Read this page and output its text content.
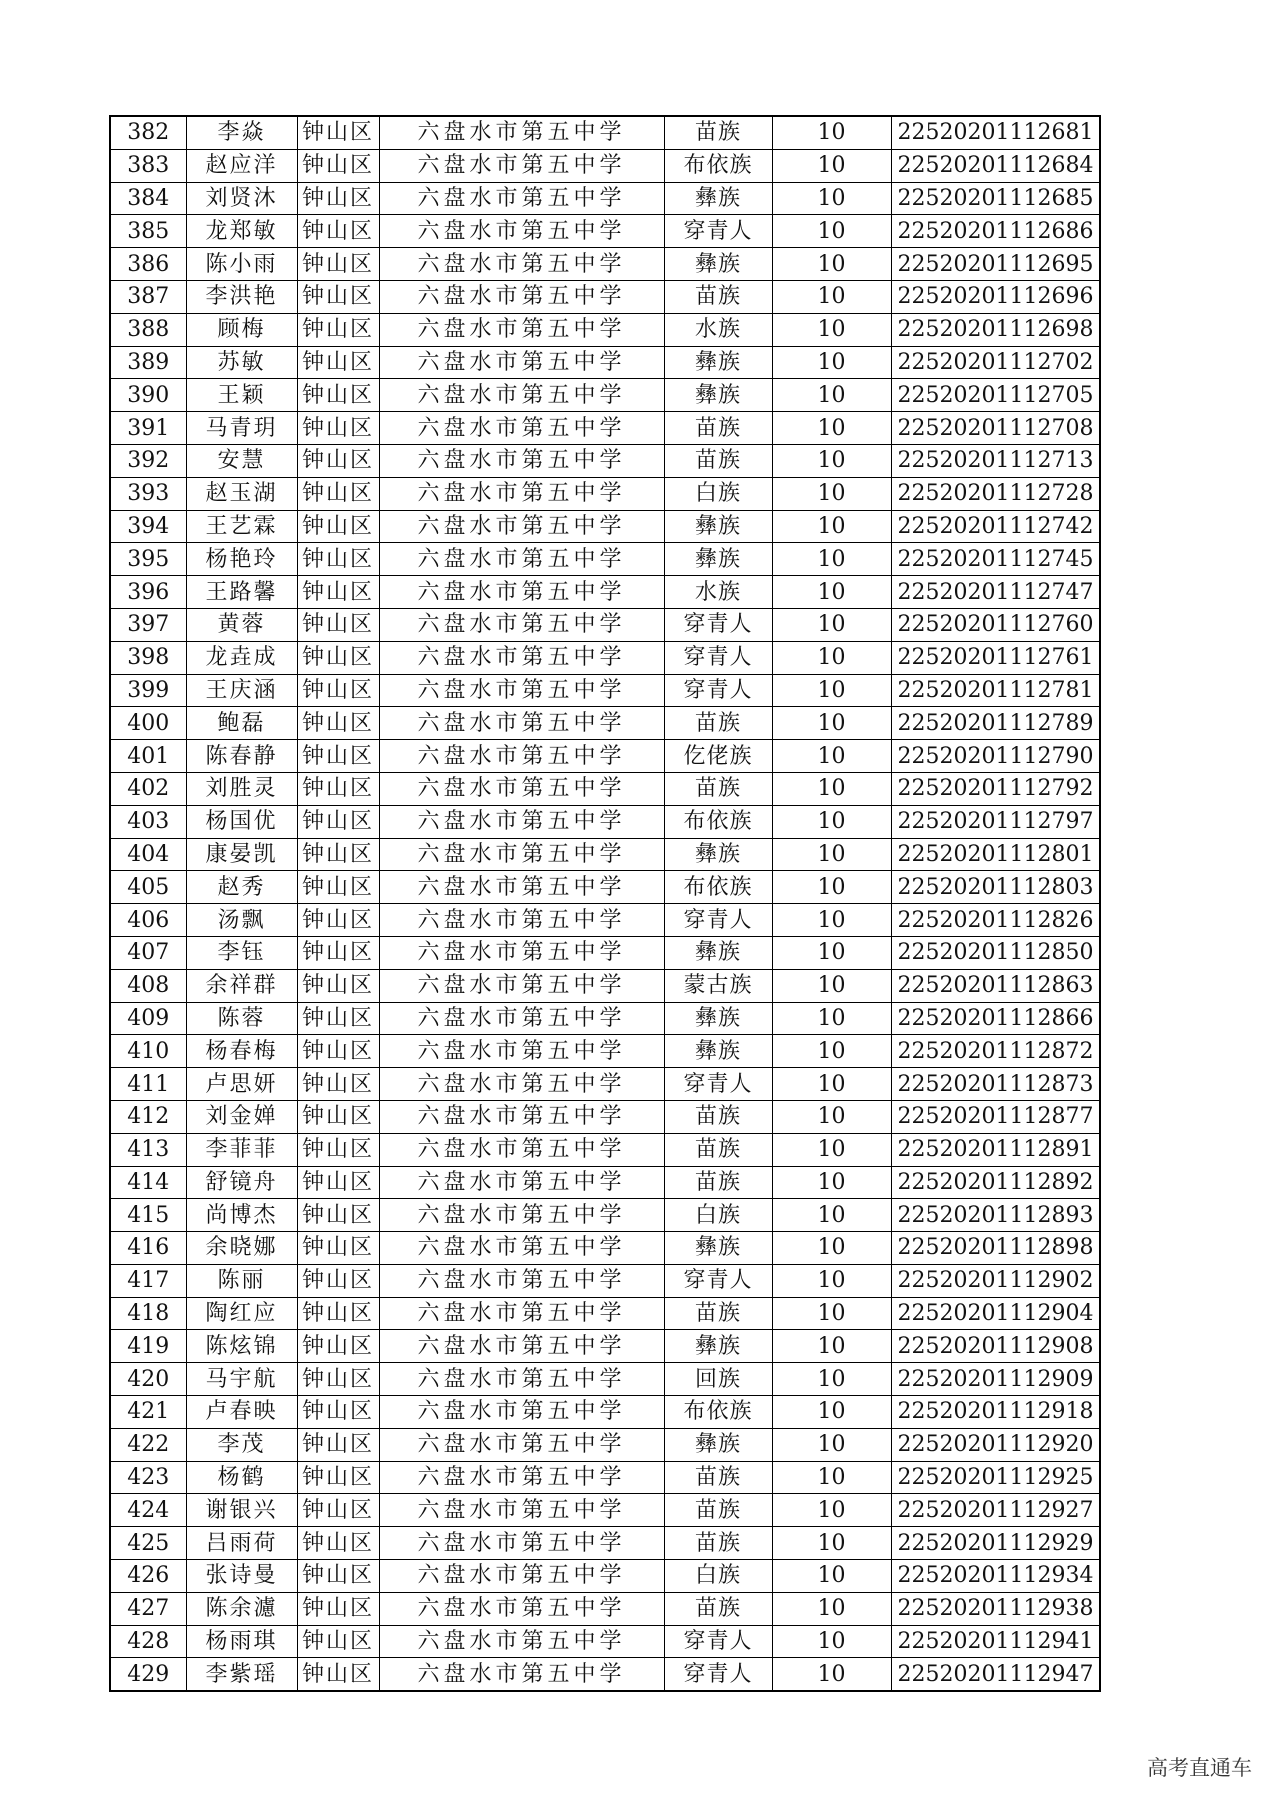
382	李焱	钟山区	六盘水市第五中学	苗族	10	22520201112681
383	赵应洋	钟山区	六盘水市第五中学	布依族	10	22520201112684
384	刘贤沐	钟山区	六盘水市第五中学	彝族	10	22520201112685
385	龙郑敏	钟山区	六盘水市第五中学	穿青人	10	22520201112686
386	陈小雨	钟山区	六盘水市第五中学	彝族	10	22520201112695
387	李洪艳	钟山区	六盘水市第五中学	苗族	10	22520201112696
388	顾梅	钟山区	六盘水市第五中学	水族	10	22520201112698
389	苏敏	钟山区	六盘水市第五中学	彝族	10	22520201112702
390	王颖	钟山区	六盘水市第五中学	彝族	10	22520201112705
391	马青玥	钟山区	六盘水市第五中学	苗族	10	22520201112708
392	安慧	钟山区	六盘水市第五中学	苗族	10	22520201112713
393	赵玉湖	钟山区	六盘水市第五中学	白族	10	22520201112728
394	王艺霖	钟山区	六盘水市第五中学	彝族	10	22520201112742
395	杨艳玲	钟山区	六盘水市第五中学	彝族	10	22520201112745
396	王路馨	钟山区	六盘水市第五中学	水族	10	22520201112747
397	黄蓉	钟山区	六盘水市第五中学	穿青人	10	22520201112760
398	龙垚成	钟山区	六盘水市第五中学	穿青人	10	22520201112761
399	王庆涵	钟山区	六盘水市第五中学	穿青人	10	22520201112781
400	鲍磊	钟山区	六盘水市第五中学	苗族	10	22520201112789
401	陈春静	钟山区	六盘水市第五中学	仡佬族	10	22520201112790
402	刘胜灵	钟山区	六盘水市第五中学	苗族	10	22520201112792
403	杨国优	钟山区	六盘水市第五中学	布依族	10	22520201112797
404	康晏凯	钟山区	六盘水市第五中学	彝族	10	22520201112801
405	赵秀	钟山区	六盘水市第五中学	布依族	10	22520201112803
406	汤飘	钟山区	六盘水市第五中学	穿青人	10	22520201112826
407	李钰	钟山区	六盘水市第五中学	彝族	10	22520201112850
408	余祥群	钟山区	六盘水市第五中学	蒙古族	10	22520201112863
409	陈蓉	钟山区	六盘水市第五中学	彝族	10	22520201112866
410	杨春梅	钟山区	六盘水市第五中学	彝族	10	22520201112872
411	卢思妍	钟山区	六盘水市第五中学	穿青人	10	22520201112873
412	刘金婵	钟山区	六盘水市第五中学	苗族	10	22520201112877
413	李菲菲	钟山区	六盘水市第五中学	苗族	10	22520201112891
414	舒镜舟	钟山区	六盘水市第五中学	苗族	10	22520201112892
415	尚博杰	钟山区	六盘水市第五中学	白族	10	22520201112893
416	余晓娜	钟山区	六盘水市第五中学	彝族	10	22520201112898
417	陈丽	钟山区	六盘水市第五中学	穿青人	10	22520201112902
418	陶红应	钟山区	六盘水市第五中学	苗族	10	22520201112904
419	陈炫锦	钟山区	六盘水市第五中学	彝族	10	22520201112908
420	马宇航	钟山区	六盘水市第五中学	回族	10	22520201112909
421	卢春映	钟山区	六盘水市第五中学	布依族	10	22520201112918
422	李茂	钟山区	六盘水市第五中学	彝族	10	22520201112920
423	杨鹤	钟山区	六盘水市第五中学	苗族	10	22520201112925
424	谢银兴	钟山区	六盘水市第五中学	苗族	10	22520201112927
425	吕雨荷	钟山区	六盘水市第五中学	苗族	10	22520201112929
426	张诗曼	钟山区	六盘水市第五中学	白族	10	22520201112934
427	陈余濾	钟山区	六盘水市第五中学	苗族	10	22520201112938
428	杨雨琪	钟山区	六盘水市第五中学	穿青人	10	22520201112941
429	李紫瑶	钟山区	六盘水市第五中学	穿青人	10	22520201112947
高考直通车
